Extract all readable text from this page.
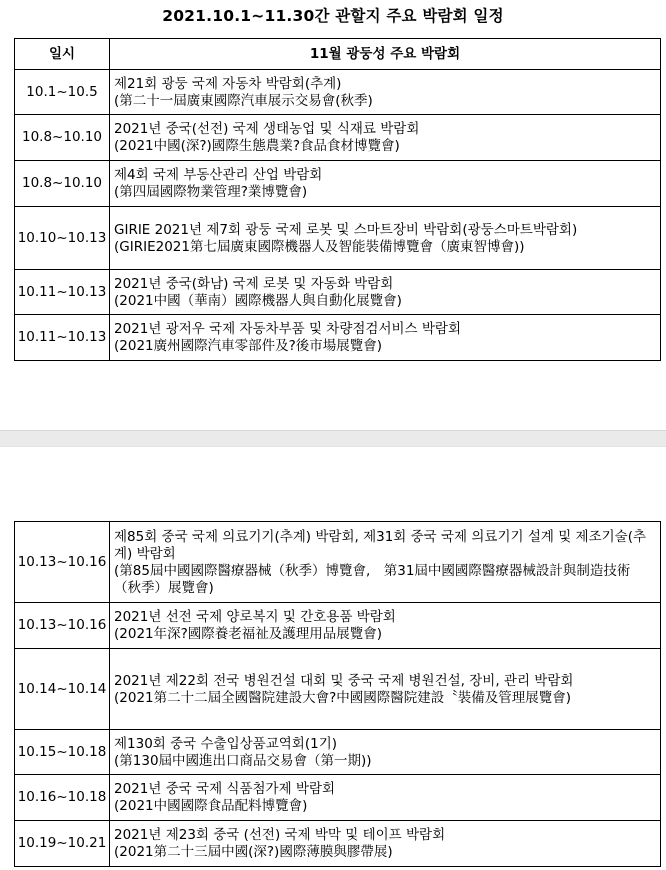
2021.10.1~11.30간 관할지 주요 박람회 일정
일시	11월 광둥성 주요 박람회
10.1~10.5	제21회 광둥 국제 자동차 박람회(추계)
(第二十一屆廣東國際汽車展示交易會(秋季)

10.8~10.10	2021년 중국(선전) 국제 생태농업 및 식재료 박람회
(2021中國(深?)國際生態農業?食品食材博覽會)

10.8~10.10	제4회 국제 부동산관리 산업 박람회
(第四屆國際物業管理?業博覽會)

10.10~10.13	GIRIE 2021년 제7회 광둥 국제 로봇 및 스마트장비 박람회(광둥스마트박람회)
(GIRIE2021第七屆廣東國際機器人及智能裝備博覽會（廣東智博會))

10.11~10.13	2021년 중국(화남) 국제 로봇 및 자동화 박람회
(2021中國（華南）國際機器人與自動化展覽會)

10.11~10.13	2021년 광저우 국제 자동차부품 및 차량점검서비스 박람회
(2021廣州國際汽車零部件及?後市場展覽會)
10.13~10.16	제85회 중국 국제 의료기기(추계) 박람회, 제31회 중국 국제 의료기기 설계 및 제조기술(추계) 박람회
(第85屆中國國際醫療器械（秋季）博覽會,　第31屆中國國際醫療器械設計與制造技術（秋季）展覽會)

10.13~10.16	2021년 선전 국제 양로복지 및 간호용품 박람회
(2021年深?國際養老福祉及護理用品展覽會)

10.14~10.14	2021년 제22회 전국 병원건설 대회 및 중국 국제 병원건설, 장비, 관리 박람회
(2021第二十二屆全國醫院建設大會?中國國際醫院建設〝裝備及管理展覽會)

10.15~10.18	제130회 중국 수출입상품교역회(1기)
(第130屆中國進出口商品交易會（第一期))

10.16~10.18	2021년 중국 국제 식품첨가제 박람회
(2021中國國際食品配料博覽會)

10.19~10.21	2021년 제23회 중국 (선전) 국제 박막 및 테이프 박람회
(2021第二十三屆中國(深?)國際薄膜與膠帶展)
